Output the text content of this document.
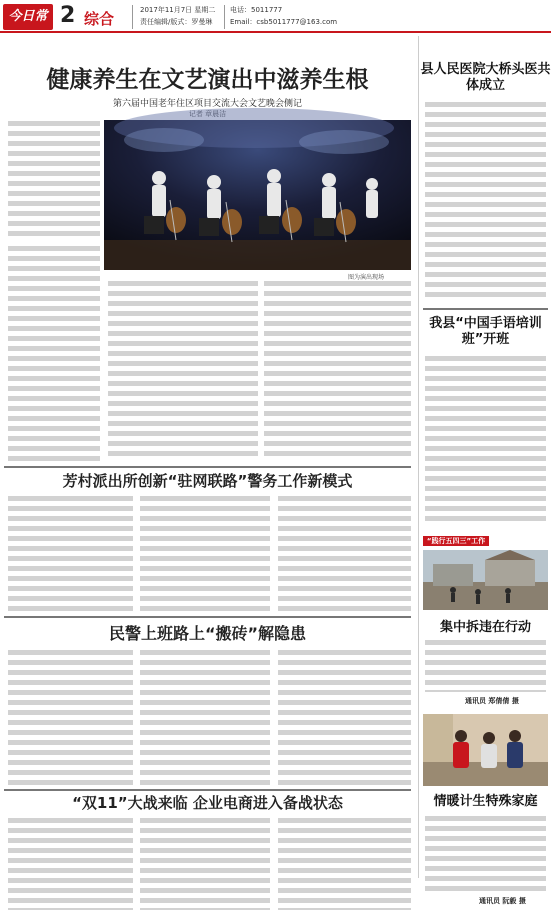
今日常山
2 综合	2017年11月7日 星期二
责任编辑/版式：罗曼琳
电话：5011777
Email：csb5011777@163.com
健康养生在文艺演出中滋养生根
第六届中国老年住区项目交流大会文艺晚会侧记
记者 章晨洁
图为演出现场
芳村派出所创新“驻网联路”警务工作新模式
民警上班路上“搬砖”解隐患
“双11”大战来临 企业电商进入备战状态
县人民医院大桥头医共体成立
我县“中国手语培训班”开班
“践行五四三”工作
集中拆违在行动
通讯员 郑倩倩 摄
情暖计生特殊家庭
通讯员 阮毅 摄
